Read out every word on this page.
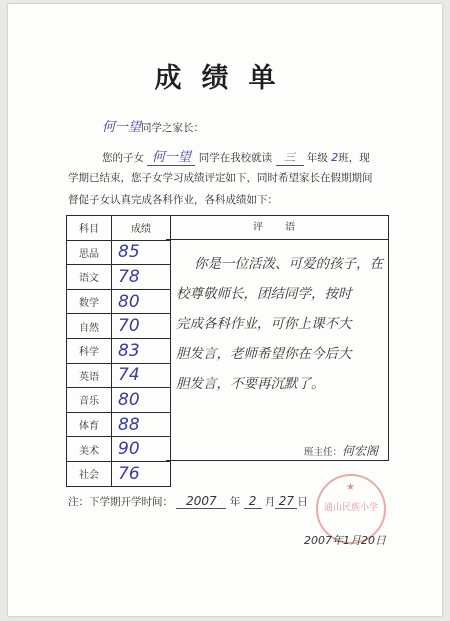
成绩单
何一望同学之家长：
您的子女 何一望 同学在我校就读 三 年级 2班，现
学期已结束，您子女学习成绩评定如下，同时希望家长在假期期间
督促子女认真完成各科作业，各科成绩如下：
科目	成绩
思品	85
语文	78
数学	80
自然	70
科学	83
英语	74
音乐	80
体育	88
美术	90
社会	76
评　语
你是一位活泼、可爱的孩子，在
校尊敬师长，团结同学，按时
完成各科作业，可你上课不大
胆发言，老师希望你在今后大
胆发言，不要再沉默了。
班主任：何宏阁
注：下学期开学时间： 2007 年 2 月 27 日
★
通山民族小学
2007年1月20日
